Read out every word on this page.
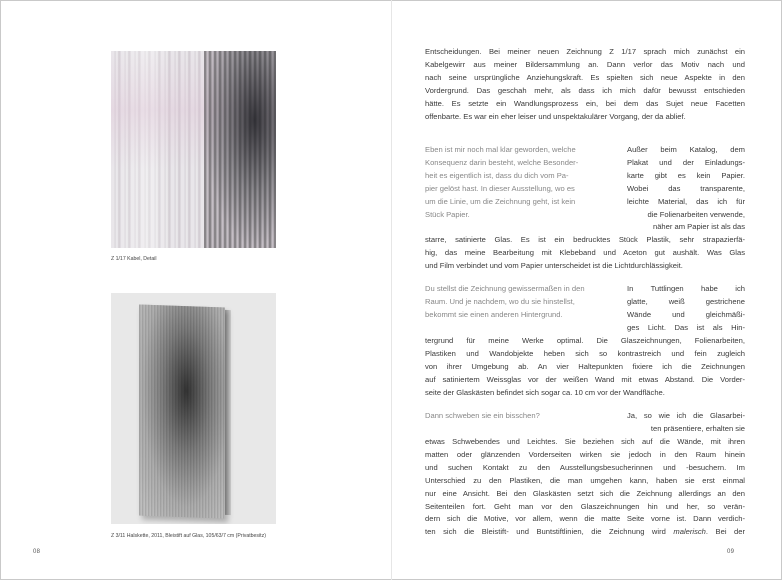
Z 1/17 Kabel, Detail
Z 3/11 Halskette, 2011, Bleistift auf Glas, 105/63/7 cm (Privatbesitz)
08
Entscheidungen. Bei meiner neuen Zeichnung Z 1/17 sprach mich zunächst ein
Kabelgewirr aus meiner Bildersammlung an. Dann verlor das Motiv nach und
nach seine ursprüngliche Anziehungskraft. Es spielten sich neue Aspekte in den
Vordergrund. Das geschah mehr, als dass ich mich dafür bewusst entschieden
hätte. Es setzte ein Wandlungsprozess ein, bei dem das Sujet neue Facetten
offenbarte. Es war ein eher leiser und unspektakulärer Vorgang, der da ablief.
Eben ist mir noch mal klar geworden, welche
Konsequenz darin besteht, welche Besonder-
heit es eigentlich ist, dass du dich vom Pa-
pier gelöst hast. In dieser Ausstellung, wo es
um die Linie, um die Zeichnung geht, ist kein
Stück Papier.
Außer beim Katalog, dem
Plakat und der Einladungs-
karte gibt es kein Papier.
Wobei das transparente,
leichte Material, das ich für
die Folienarbeiten verwende,
näher am Papier ist als das
starre, satinierte Glas. Es ist ein bedrucktes Stück Plastik, sehr strapazierfä-
hig, das meine Bearbeitung mit Klebeband und Aceton gut aushält. Was Glas
und Film verbindet und vom Papier unterscheidet ist die Lichtdurchlässigkeit.
Du stellst die Zeichnung gewissermaßen in den
Raum. Und je nachdem, wo du sie hinstellst,
bekommt sie einen anderen Hintergrund.
In Tuttlingen habe ich
glatte, weiß gestrichene
Wände und gleichmäßi-
ges Licht. Das ist als Hin-
tergrund für meine Werke optimal. Die Glaszeichnungen, Folienarbeiten,
Plastiken und Wandobjekte heben sich so kontrastreich und fein zugleich
von ihrer Umgebung ab. An vier Haltepunkten fixiere ich die Zeichnungen
auf satiniertem Weissglas vor der weißen Wand mit etwas Abstand. Die Vorder-
seite der Glaskästen befindet sich sogar ca. 10 cm vor der Wandfläche.
Dann schweben sie ein bisschen?	Ja, so wie ich die Glasarbei-
ten präsentiere, erhalten sie
etwas Schwebendes und Leichtes. Sie beziehen sich auf die Wände, mit ihren
matten oder glänzenden Vorderseiten wirken sie jedoch in den Raum hinein
und suchen Kontakt zu den Ausstellungsbesucherinnen und -besuchern. Im
Unterschied zu den Plastiken, die man umgehen kann, haben sie erst einmal
nur eine Ansicht. Bei den Glaskästen setzt sich die Zeichnung allerdings an den
Seitenteilen fort. Geht man vor den Glaszeichnungen hin und her, so verän-
dern sich die Motive, vor allem, wenn die matte Seite vorne ist. Dann verdich-
ten sich die Bleistift- und Buntstiftlinien, die Zeichnung wird malerisch. Bei der
09
